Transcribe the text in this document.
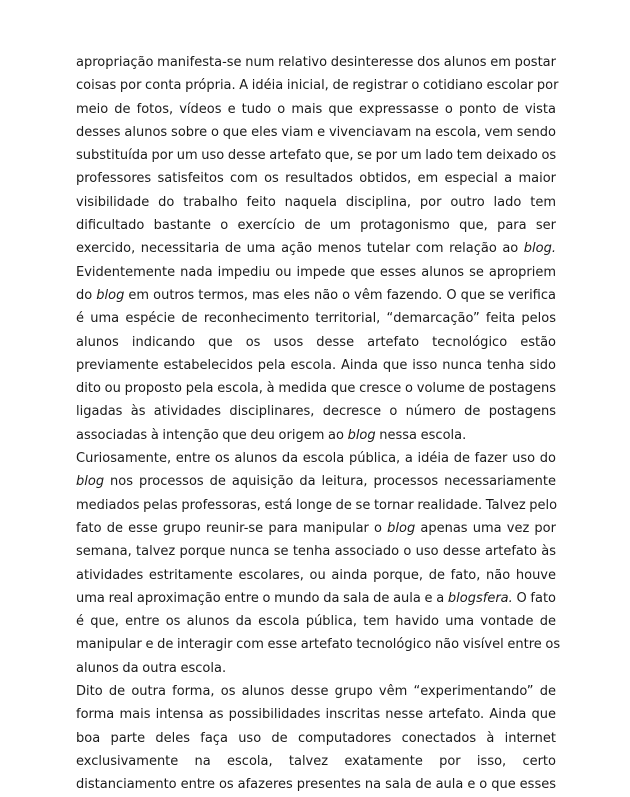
apropriação manifesta-se num relativo desinteresse dos alunos em postar
coisas por conta própria. A idéia inicial, de registrar o cotidiano escolar por
meio de fotos, vídeos e tudo o mais que expressasse o ponto de vista
desses alunos sobre o que eles viam e vivenciavam na escola, vem sendo
substituída por um uso desse artefato que, se por um lado tem deixado os
professores satisfeitos com os resultados obtidos, em especial a maior
visibilidade do trabalho feito naquela disciplina, por outro lado tem
dificultado bastante o exercício de um protagonismo que, para ser
exercido, necessitaria de uma ação menos tutelar com relação ao blog.
Evidentemente nada impediu ou impede que esses alunos se apropriem
do blog em outros termos, mas eles não o vêm fazendo. O que se verifica
é uma espécie de reconhecimento territorial, “demarcação” feita pelos
alunos indicando que os usos desse artefato tecnológico estão
previamente estabelecidos pela escola. Ainda que isso nunca tenha sido
dito ou proposto pela escola, à medida que cresce o volume de postagens
ligadas às atividades disciplinares, decresce o número de postagens
associadas à intenção que deu origem ao blog nessa escola.
Curiosamente, entre os alunos da escola pública, a idéia de fazer uso do
blog nos processos de aquisição da leitura, processos necessariamente
mediados pelas professoras, está longe de se tornar realidade. Talvez pelo
fato de esse grupo reunir-se para manipular o blog apenas uma vez por
semana, talvez porque nunca se tenha associado o uso desse artefato às
atividades estritamente escolares, ou ainda porque, de fato, não houve
uma real aproximação entre o mundo da sala de aula e a blogsfera. O fato
é que, entre os alunos da escola pública, tem havido uma vontade de
manipular e de interagir com esse artefato tecnológico não visível entre os
alunos da outra escola.
Dito de outra forma, os alunos desse grupo vêm “experimentando” de
forma mais intensa as possibilidades inscritas nesse artefato. Ainda que
boa parte deles faça uso de computadores conectados à internet
exclusivamente na escola, talvez exatamente por isso, certo
distanciamento entre os afazeres presentes na sala de aula e o que esses
